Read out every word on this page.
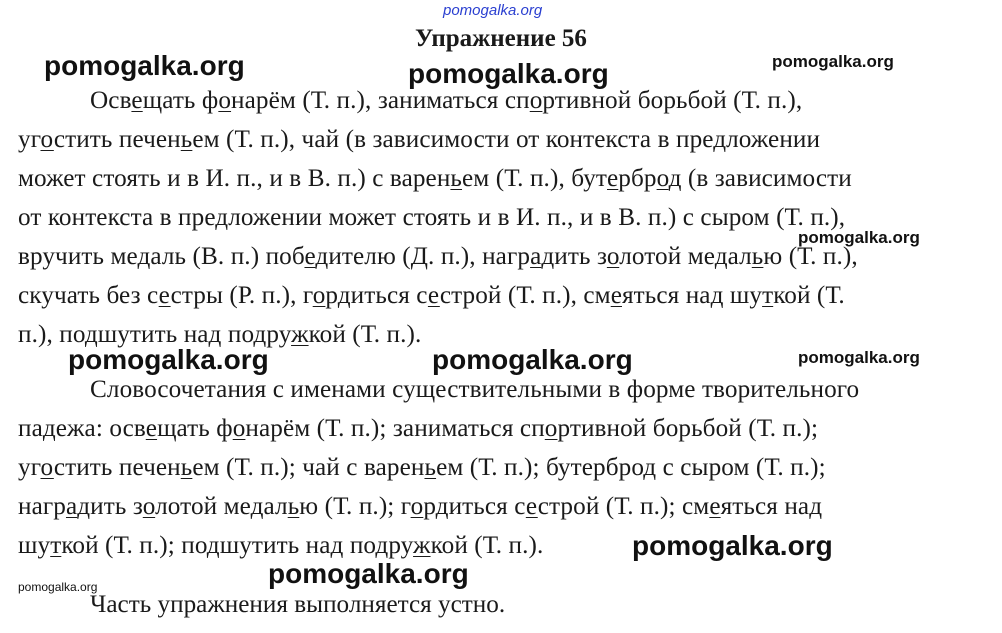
pomogalka.org
Упражнение 56
Освещать фонарём (Т. п.), заниматься спортивной борьбой (Т. п.),
угостить печеньем (Т. п.), чай (в зависимости от контекста в предложении
может стоять и в И. п., и в В. п.) с вареньем (Т. п.), бутерброд (в зависимости
от контекста в предложении может стоять и в И. п., и в В. п.) с сыром (Т. п.),
вручить медаль (В. п.) победителю (Д. п.), наградить золотой медалью (Т. п.),
скучать без сестры (Р. п.), гордиться сестрой (Т. п.), смеяться над шуткой (Т.
п.), подшутить над подружкой (Т. п.).
Словосочетания с именами существительными в форме творительного
падежа: освещать фонарём (Т. п.); заниматься спортивной борьбой (Т. п.);
угостить печеньем (Т. п.); чай с вареньем (Т. п.); бутерброд с сыром (Т. п.);
наградить золотой медалью (Т. п.); гордиться сестрой (Т. п.); смеяться над
шуткой (Т. п.); подшутить над подружкой (Т. п.).
Часть упражнения выполняется устно.
pomogalka.org	pomogalka.org	pomogalka.org
pomogalka.org
pomogalka.org	pomogalka.org	pomogalka.org
pomogalka.org
pomogalka.org
pomogalka.org
